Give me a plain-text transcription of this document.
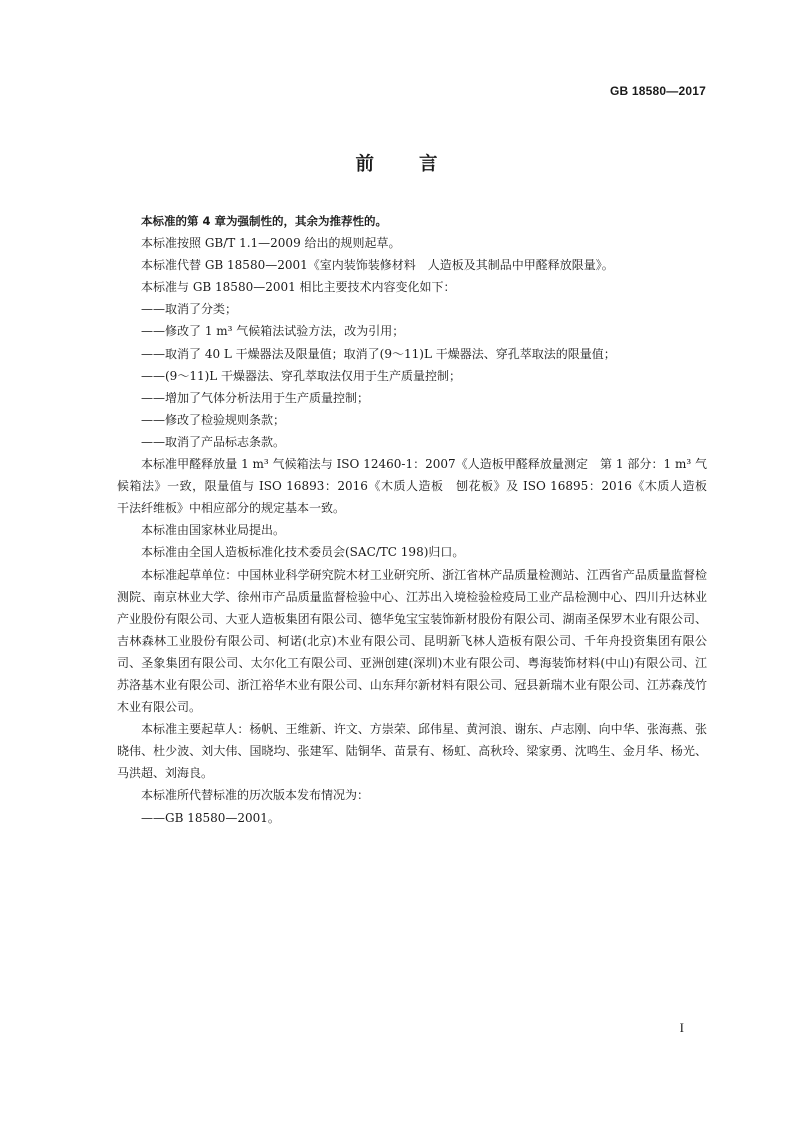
GB 18580—2017
前 言

本标准的第 4 章为强制性的，其余为推荐性的。

本标准按照 GB/T 1.1—2009 给出的规则起草。

本标准代替 GB 18580—2001《室内装饰装修材料　人造板及其制品中甲醛释放限量》。

本标准与 GB 18580—2001 相比主要技术内容变化如下：

——取消了分类；

——修改了 1 m³ 气候箱法试验方法，改为引用；

——取消了 40 L 干燥器法及限量值；取消了(9～11)L 干燥器法、穿孔萃取法的限量值；

——(9～11)L 干燥器法、穿孔萃取法仅用于生产质量控制；

——增加了气体分析法用于生产质量控制；

——修改了检验规则条款；

——取消了产品标志条款。

本标准甲醛释放量 1 m³ 气候箱法与 ISO 12460-1：2007《人造板甲醛释放量测定　第 1 部分：1 m³ 气候箱法》一致，限量值与 ISO 16893：2016《木质人造板　刨花板》及 ISO 16895：2016《木质人造板　干法纤维板》中相应部分的规定基本一致。

本标准由国家林业局提出。

本标准由全国人造板标准化技术委员会(SAC/TC 198)归口。

本标准起草单位：中国林业科学研究院木材工业研究所、浙江省林产品质量检测站、江西省产品质量监督检测院、南京林业大学、徐州市产品质量监督检验中心、江苏出入境检验检疫局工业产品检测中心、四川升达林业产业股份有限公司、大亚人造板集团有限公司、德华兔宝宝装饰新材股份有限公司、湖南圣保罗木业有限公司、吉林森林工业股份有限公司、柯诺(北京)木业有限公司、昆明新飞林人造板有限公司、千年舟投资集团有限公司、圣象集团有限公司、太尔化工有限公司、亚洲创建(深圳)木业有限公司、粤海装饰材料(中山)有限公司、江苏洛基木业有限公司、浙江裕华木业有限公司、山东拜尔新材料有限公司、冠县新瑞木业有限公司、江苏森茂竹木业有限公司。

本标准主要起草人：杨帆、王维新、许文、方崇荣、邱伟星、黄河浪、谢东、卢志刚、向中华、张海燕、张晓伟、杜少波、刘大伟、国晓均、张建军、陆铜华、苗景有、杨虹、高秋玲、梁家勇、沈鸣生、金月华、杨光、马洪超、刘海良。

本标准所代替标准的历次版本发布情况为：

——GB 18580—2001。

I
